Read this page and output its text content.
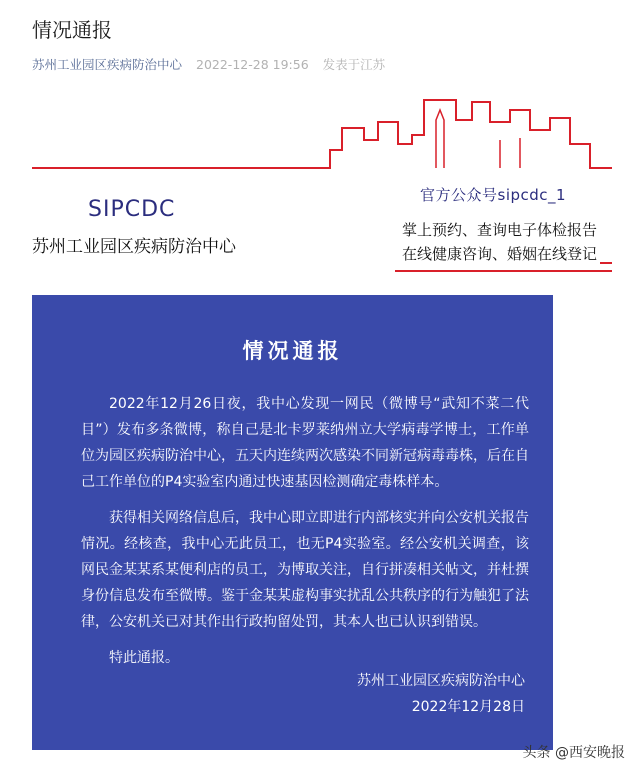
情况通报
苏州工业园区疾病防治中心 2022-12-28 19:56 发表于江苏
SIPCDC
苏州工业园区疾病防治中心
官方公众号sipcdc_1
掌上预约、查询电子体检报告
在线健康咨询、婚姻在线登记
情况通报

2022年12月26日夜，我中心发现一网民（微博号“武知不菜二代目”）发布多条微博，称自己是北卡罗莱纳州立大学病毒学博士，工作单位为园区疾病防治中心，五天内连续两次感染不同新冠病毒毒株，后在自己工作单位的P4实验室内通过快速基因检测确定毒株样本。

获得相关网络信息后，我中心即立即进行内部核实并向公安机关报告情况。经核查，我中心无此员工，也无P4实验室。经公安机关调查，该网民金某某系某便利店的员工，为博取关注，自行拼凑相关帖文，并杜撰身份信息发布至微博。鉴于金某某虚构事实扰乱公共秩序的行为触犯了法律，公安机关已对其作出行政拘留处罚，其本人也已认识到错误。

特此通报。

苏州工业园区疾病防治中心
2022年12月28日
头条 @西安晚报
